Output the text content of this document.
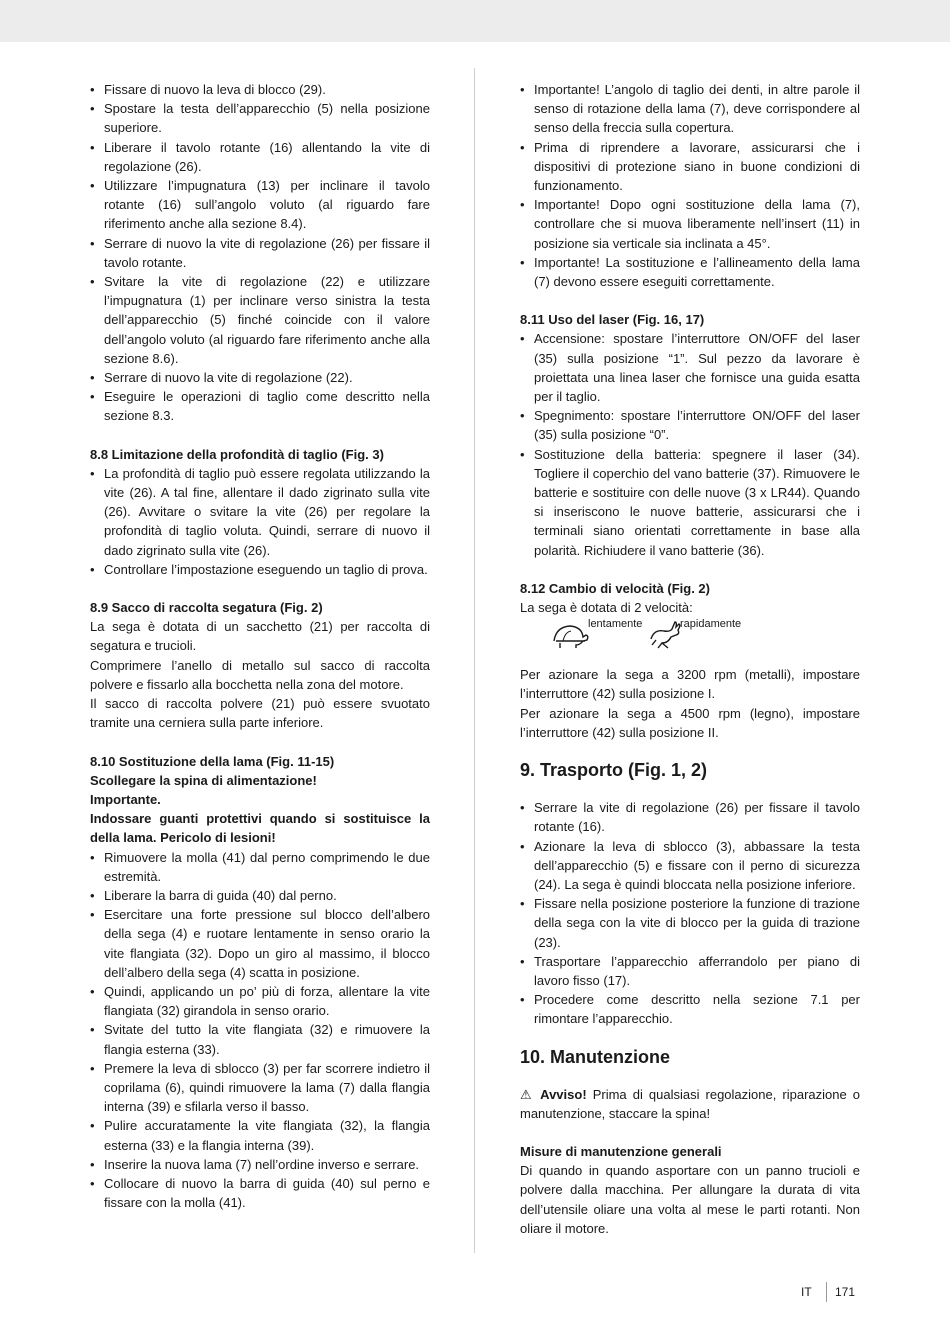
• Fissare di nuovo la leva di blocco (29).
• Spostare la testa dell’apparecchio (5) nella posizione superiore.
• Liberare il tavolo rotante (16) allentando la vite di regolazione (26).
• Utilizzare l’impugnatura (13) per inclinare il tavolo rotante (16) sull’angolo voluto (al riguardo fare riferimento anche alla sezione 8.4).
• Serrare di nuovo la vite di regolazione (26) per fissare il tavolo rotante.
• Svitare la vite di regolazione (22) e utilizzare l’impugnatura (1) per inclinare verso sinistra la testa dell’apparecchio (5) finché coincide con il valore dell’angolo voluto (al riguardo fare riferimento anche alla sezione 8.6).
• Serrare di nuovo la vite di regolazione (22).
• Eseguire le operazioni di taglio come descritto nella sezione 8.3.

8.8 Limitazione della profondità di taglio (Fig. 3)

• La profondità di taglio può essere regolata utilizzando la vite (26). A tal fine, allentare il dado zigrinato sulla vite (26). Avvitare o svitare la vite (26) per regolare la profondità di taglio voluta. Quindi, serrare di nuovo il dado zigrinato sulla vite (26).
• Controllare l’impostazione eseguendo un taglio di prova.

8.9 Sacco di raccolta segatura (Fig. 2)

La sega è dotata di un sacchetto (21) per raccolta di segatura e trucioli.

Comprimere l’anello di metallo sul sacco di raccolta polvere e fissarlo alla bocchetta nella zona del motore.

Il sacco di raccolta polvere (21) può essere svuotato tramite una cerniera sulla parte inferiore.

8.10 Sostituzione della lama (Fig. 11-15)

Scollegare la spina di alimentazione!

Importante.

Indossare guanti protettivi quando si sostituisce la della lama. Pericolo di lesioni!

• Rimuovere la molla (41) dal perno comprimendo le due estremità.
• Liberare la barra di guida (40) dal perno.
• Esercitare una forte pressione sul blocco dell’albero della sega (4) e ruotare lentamente in senso orario la vite flangiata (32). Dopo un giro al massimo, il blocco dell’albero della sega (4) scatta in posizione.
• Quindi, applicando un po’ più di forza, allentare la vite flangiata (32) girandola in senso orario.
• Svitate del tutto la vite flangiata (32) e rimuovere la flangia esterna (33).
• Premere la leva di sblocco (3) per far scorrere indietro il coprilama (6), quindi rimuovere la lama (7) dalla flangia interna (39) e sfilarla verso il basso.
• Pulire accuratamente la vite flangiata (32), la flangia esterna (33) e la flangia interna (39).
• Inserire la nuova lama (7) nell’ordine inverso e serrare.
• Collocare di nuovo la barra di guida (40) sul perno e fissare con la molla (41).
• Importante! L’angolo di taglio dei denti, in altre parole il senso di rotazione della lama (7), deve corrispondere al senso della freccia sulla copertura.
• Prima di riprendere a lavorare, assicurarsi che i dispositivi di protezione siano in buone condizioni di funzionamento.
• Importante! Dopo ogni sostituzione della lama (7), controllare che si muova liberamente nell’insert (11) in posizione sia verticale sia inclinata a 45°.
• Importante! La sostituzione e l’allineamento della lama (7) devono essere eseguiti correttamente.

8.11 Uso del laser (Fig. 16, 17)

• Accensione: spostare l’interruttore ON/OFF del laser (35) sulla posizione “1”. Sul pezzo da lavorare è proiettata una linea laser che fornisce una guida esatta per il taglio.
• Spegnimento: spostare l’interruttore ON/OFF del laser (35) sulla posizione “0”.
• Sostituzione della batteria: spegnere il laser (34). Togliere il coperchio del vano batterie (37). Rimuovere le batterie e sostituire con delle nuove (3 x LR44). Quando si inseriscono le nuove batterie, assicurarsi che i terminali siano orientati correttamente in base alla polarità. Richiudere il vano batterie (36).

8.12 Cambio di velocità (Fig. 2)

La sega è dotata di 2 velocità:

lentamente	rapidamente

Per azionare la sega a 3200 rpm (metalli), impostare l’interruttore (42) sulla posizione I.

Per azionare la sega a 4500 rpm (legno), impostare l’interruttore (42) sulla posizione II.

9. Trasporto (Fig. 1, 2)

• Serrare la vite di regolazione (26) per fissare il tavolo rotante (16).
• Azionare la leva di sblocco (3), abbassare la testa dell’apparecchio (5) e fissare con il perno di sicurezza (24). La sega è quindi bloccata nella posizione inferiore.
• Fissare nella posizione posteriore la funzione di trazione della sega con la vite di blocco per la guida di trazione (23).
• Trasportare l’apparecchio afferrandolo per piano di lavoro fisso (17).
• Procedere come descritto nella sezione 7.1 per rimontare l’apparecchio.

10. Manutenzione

⚠ Avviso! Prima di qualsiasi regolazione, riparazione o manutenzione, staccare la spina!

Misure di manutenzione generali

Di quando in quando asportare con un panno trucioli e polvere dalla macchina. Per allungare la durata di vita dell’utensile oliare una volta al mese le parti rotanti. Non oliare il motore.

IT 171
